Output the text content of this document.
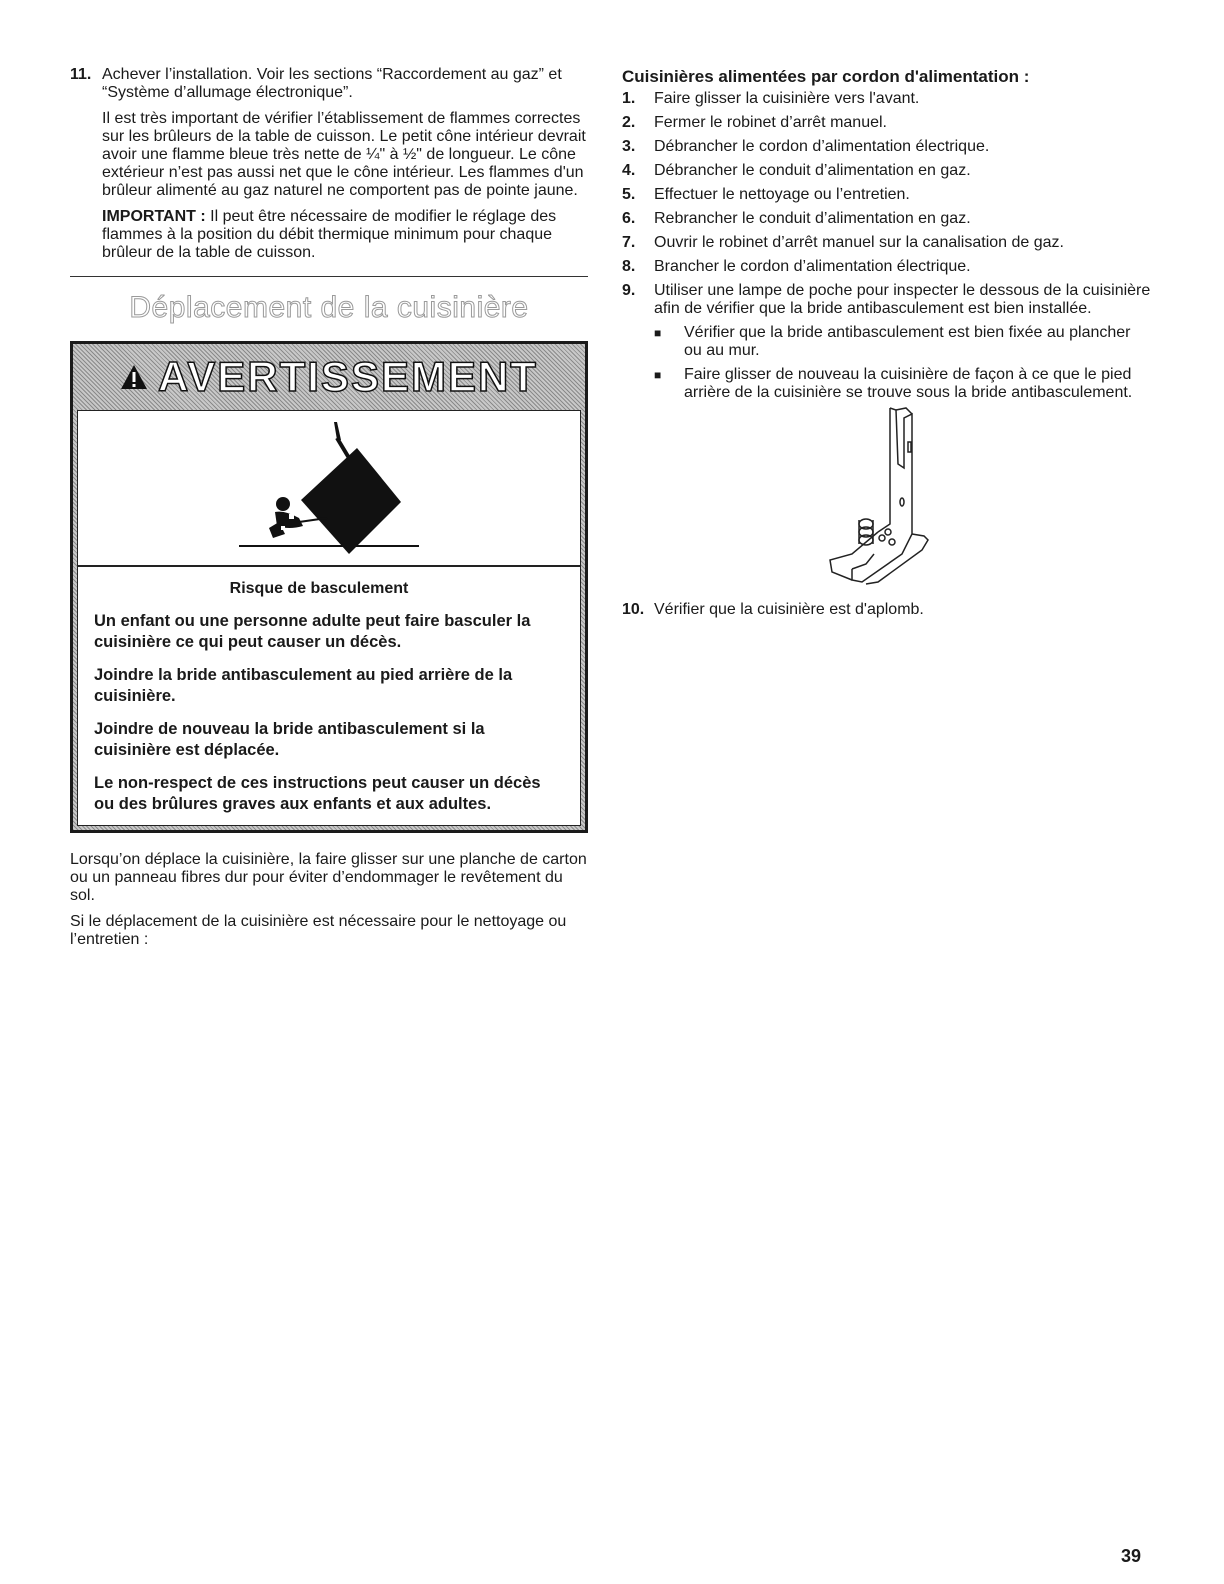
11. Achever l’installation. Voir les sections “Raccordement au gaz” et “Système d’allumage électronique”.

Il est très important de vérifier l’établissement de flammes correctes sur les brûleurs de la table de cuisson. Le petit cône intérieur devrait avoir une flamme bleue très nette de ¼" à ½" de longueur. Le cône extérieur n’est pas aussi net que le cône intérieur. Les flammes d'un brûleur alimenté au gaz naturel ne comportent pas de pointe jaune.

IMPORTANT : Il peut être nécessaire de modifier le réglage des flammes à la position du débit thermique minimum pour chaque brûleur de la table de cuisson.

Déplacement de la cuisinière
AVERTISSEMENT
Risque de basculement

Un enfant ou une personne adulte peut faire basculer la cuisinière ce qui peut causer un décès.

Joindre la bride antibasculement au pied arrière de la cuisinière.

Joindre de nouveau la bride antibasculement si la cuisinière est déplacée.

Le non-respect de ces instructions peut causer un décès ou des brûlures graves aux enfants et aux adultes.

Lorsqu’on déplace la cuisinière, la faire glisser sur une planche de carton ou un panneau fibres dur pour éviter d’endommager le revêtement du sol.

Si le déplacement de la cuisinière est nécessaire pour le nettoyage ou l’entretien :

Cuisinières alimentées par cordon d'alimentation :
1.	Faire glisser la cuisinière vers l'avant.
2.	Fermer le robinet d’arrêt manuel.
3.	Débrancher le cordon d’alimentation électrique.
4.	Débrancher le conduit d’alimentation en gaz.
5.	Effectuer le nettoyage ou l’entretien.
6.	Rebrancher le conduit d’alimentation en gaz.
7.	Ouvrir le robinet d’arrêt manuel sur la canalisation de gaz.
8.	Brancher le cordon d’alimentation électrique.
9.	Utiliser une lampe de poche pour inspecter le dessous de la cuisinière afin de vérifier que la bride antibasculement est bien installée.
■	Vérifier que la bride antibasculement est bien fixée au plancher ou au mur.
■	Faire glisser de nouveau la cuisinière de façon à ce que le pied arrière de la cuisinière se trouve sous la bride antibasculement.
10. Vérifier que la cuisinière est d'aplomb.
39
